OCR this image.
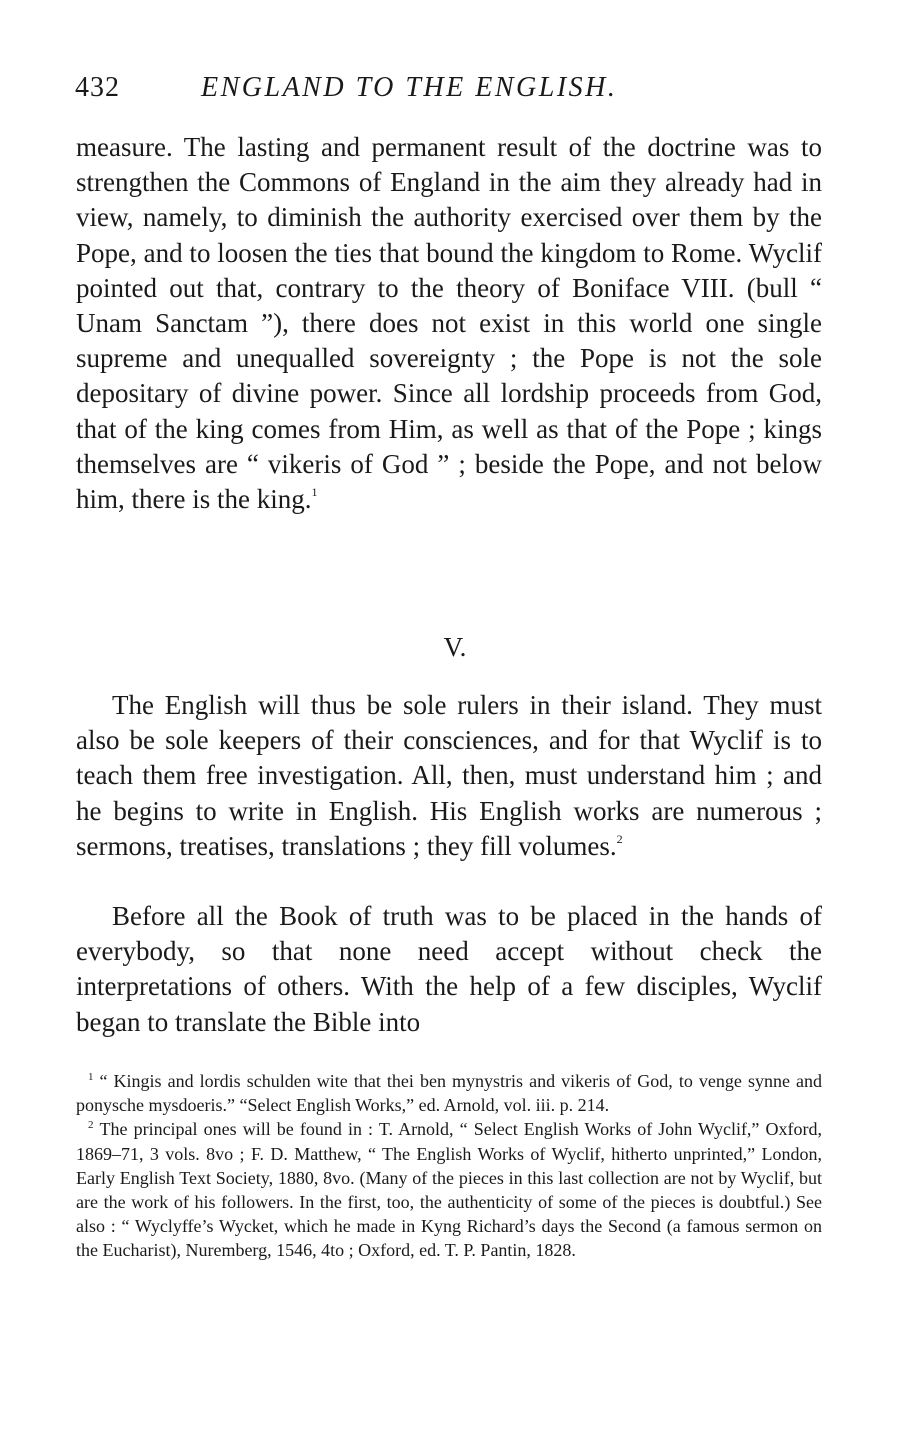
432	ENGLAND TO THE ENGLISH.

measure. The lasting and permanent result of the doctrine was to strengthen the Commons of England in the aim they already had in view, namely, to diminish the authority exercised over them by the Pope, and to loosen the ties that bound the kingdom to Rome. Wyclif pointed out that, contrary to the theory of Boniface VIII. (bull “ Unam Sanctam ”), there does not exist in this world one single supreme and unequalled sovereignty ; the Pope is not the sole depositary of divine power. Since all lordship proceeds from God, that of the king comes from Him, as well as that of the Pope ; kings themselves are “ vikeris of God ” ; beside the Pope, and not below him, there is the king.$^1$

V.

The English will thus be sole rulers in their island. They must also be sole keepers of their consciences, and for that Wyclif is to teach them free investigation. All, then, must understand him ; and he begins to write in English. His English works are numerous ; sermons, treatises, translations ; they fill volumes.$^2$

Before all the Book of truth was to be placed in the hands of everybody, so that none need accept without check the interpretations of others. With the help of a few disciples, Wyclif began to translate the Bible into

$^1$ “ Kingis and lordis schulden wite that thei ben mynystris and vikeris of God, to venge synne and ponysche mysdoeris.” “Select English Works,” ed. Arnold, vol. iii. p. 214.

$^2$ The principal ones will be found in : T. Arnold, “ Select English Works of John Wyclif,” Oxford, 1869–71, 3 vols. 8vo ; F. D. Matthew, “ The English Works of Wyclif, hitherto unprinted,” London, Early English Text Society, 1880, 8vo. (Many of the pieces in this last collection are not by Wyclif, but are the work of his followers. In the first, too, the authenticity of some of the pieces is doubtful.) See also : “ Wyclyffe’s Wycket, which he made in Kyng Richard’s days the Second (a famous sermon on the Eucharist), Nuremberg, 1546, 4to ; Oxford, ed. T. P. Pantin, 1828.
